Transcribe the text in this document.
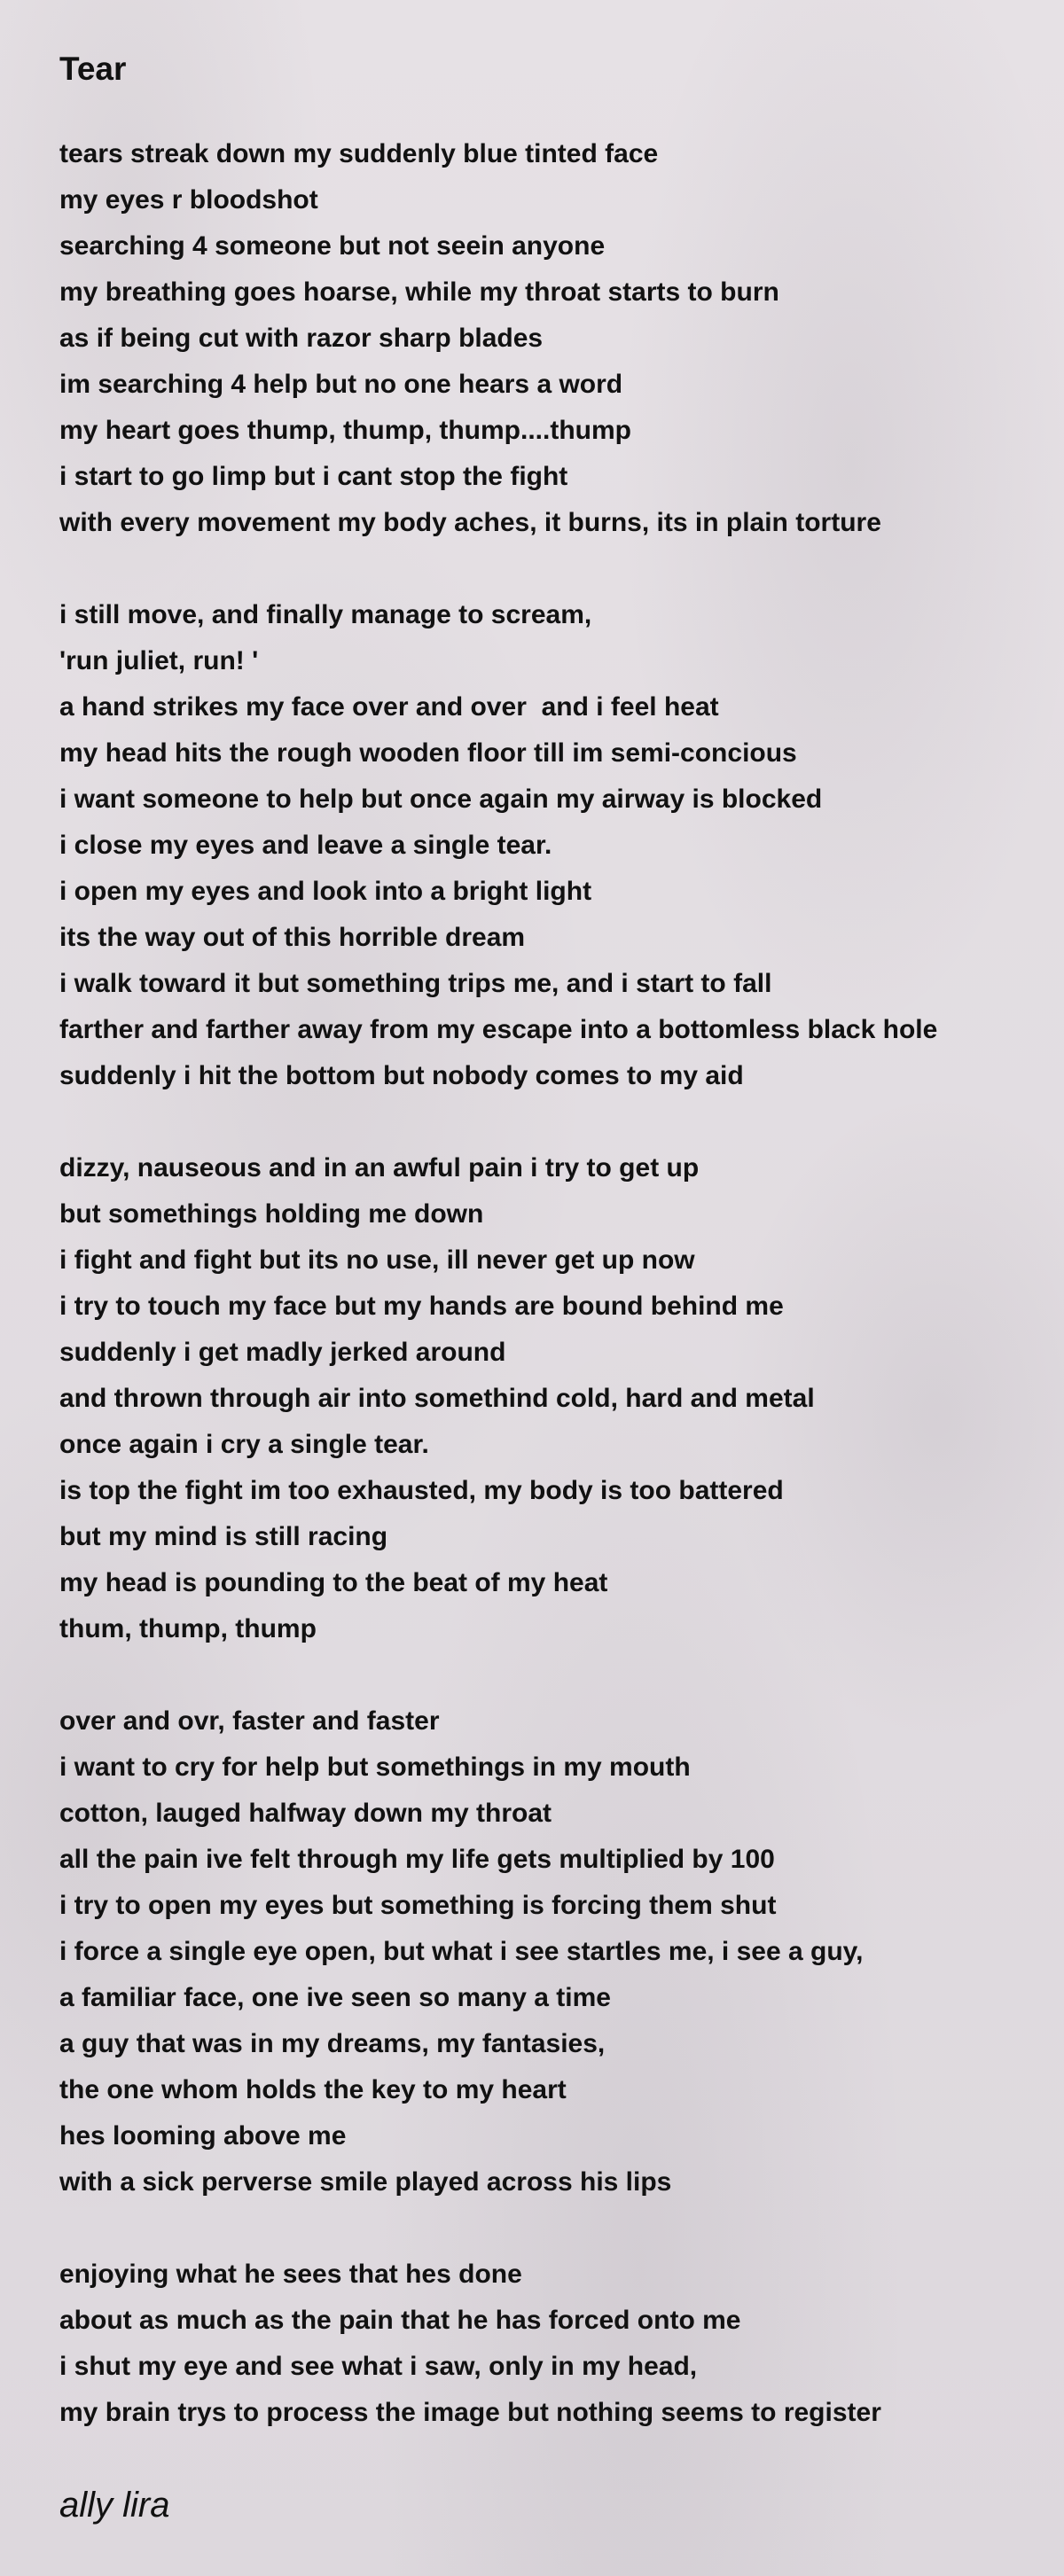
Tear
tears streak down my suddenly blue tinted face
my eyes r bloodshot
searching 4 someone but not seein anyone
my breathing goes hoarse, while my throat starts to burn
as if being cut with razor sharp blades
im searching 4 help but no one hears a word
my heart goes thump, thump, thump....thump
i start to go limp but i cant stop the fight
with every movement my body aches, it burns, its in plain torture
i still move, and finally manage to scream,
'run juliet, run! '
a hand strikes my face over and over  and i feel heat
my head hits the rough wooden floor till im semi-concious
i want someone to help but once again my airway is blocked
i close my eyes and leave a single tear.
i open my eyes and look into a bright light
its the way out of this horrible dream
i walk toward it but something trips me, and i start to fall
farther and farther away from my escape into a bottomless black hole
suddenly i hit the bottom but nobody comes to my aid
dizzy, nauseous and in an awful pain i try to get up
but somethings holding me down
i fight and fight but its no use, ill never get up now
i try to touch my face but my hands are bound behind me
suddenly i get madly jerked around
and thrown through air into somethind cold, hard and metal
once again i cry a single tear.
is top the fight im too exhausted, my body is too battered
but my mind is still racing
my head is pounding to the beat of my heat
thum, thump, thump
over and ovr, faster and faster
i want to cry for help but somethings in my mouth
cotton, lauged halfway down my throat
all the pain ive felt through my life gets multiplied by 100
i try to open my eyes but something is forcing them shut
i force a single eye open, but what i see startles me, i see a guy,
a familiar face, one ive seen so many a time
a guy that was in my dreams, my fantasies,
the one whom holds the key to my heart
hes looming above me
with a sick perverse smile played across his lips
enjoying what he sees that hes done
about as much as the pain that he has forced onto me
i shut my eye and see what i saw, only in my head,
my brain trys to process the image but nothing seems to register
ally lira
